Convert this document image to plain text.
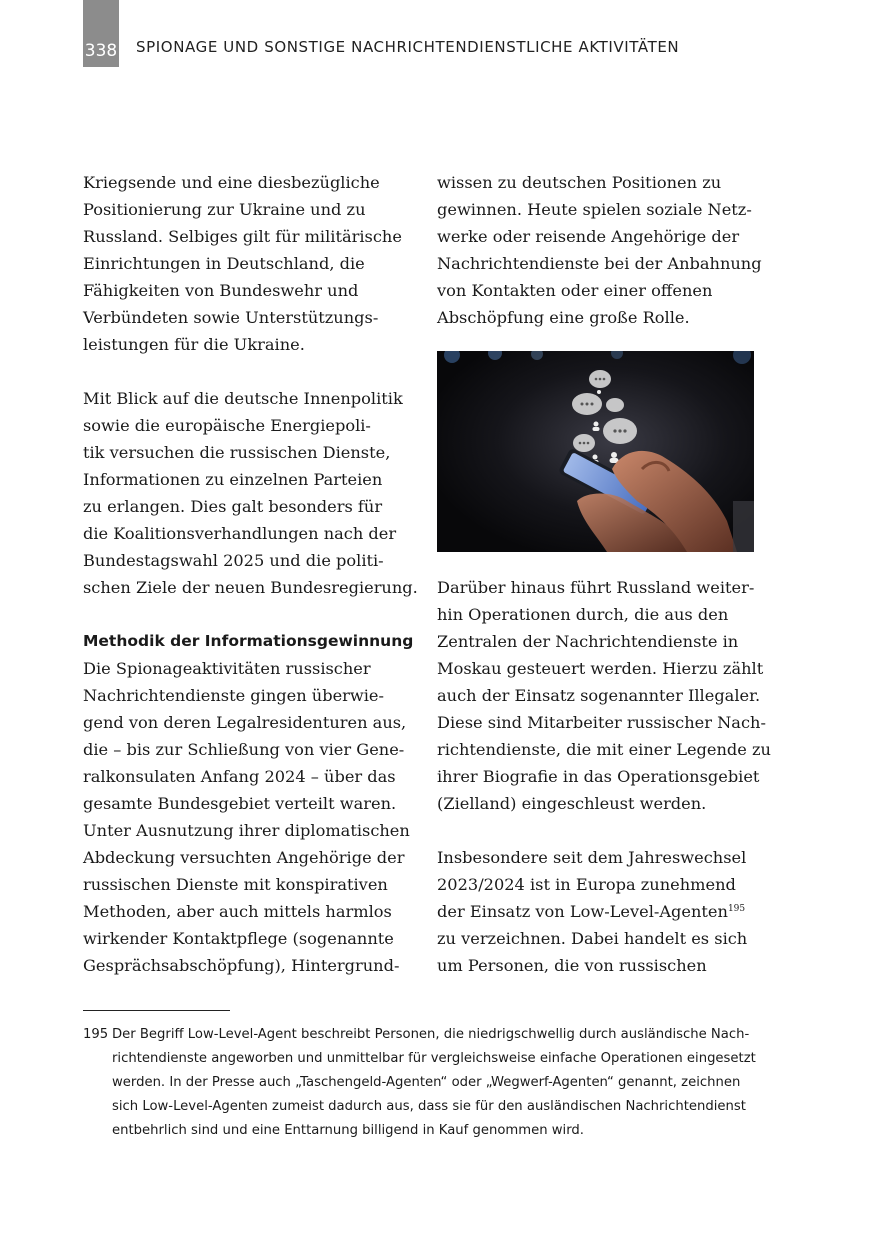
338 SPIONAGE UND SONSTIGE NACHRICHTENDIENSTLICHE AKTIVITÄTEN
Kriegsende und eine diesbezügliche
Positionierung zur Ukraine und zu
Russland. Selbiges gilt für militärische
Einrichtungen in Deutschland, die
Fähigkeiten von Bundeswehr und
Verbündeten sowie Unterstützungs-
leistungen für die Ukraine.
Mit Blick auf die deutsche Innenpolitik
sowie die europäische Energiepoli-
tik versuchen die russischen Dienste,
Informationen zu einzelnen Parteien
zu erlangen. Dies galt besonders für
die Koalitionsverhandlungen nach der
Bundestagswahl 2025 und die politi-
schen Ziele der neuen Bundesregierung.
Methodik der Informationsgewinnung
Die Spionageaktivitäten russischer
Nachrichtendienste gingen überwie-
gend von deren Legalresidenturen aus,
die – bis zur Schließung von vier Gene-
ralkonsulaten Anfang 2024 – über das
gesamte Bundesgebiet verteilt waren.
Unter Ausnutzung ihrer diplomatischen
Abdeckung versuchten Angehörige der
russischen Dienste mit konspirativen
Methoden, aber auch mittels harmlos
wirkender Kontaktpflege (sogenannte
Gesprächsabschöpfung), Hintergrund-
wissen zu deutschen Positionen zu
gewinnen. Heute spielen soziale Netz-
werke oder reisende Angehörige der
Nachrichtendienste bei der Anbahnung
von Kontakten oder einer offenen
Abschöpfung eine große Rolle.
Darüber hinaus führt Russland weiter-
hin Operationen durch, die aus den
Zentralen der Nachrichtendienste in
Moskau gesteuert werden. Hierzu zählt
auch der Einsatz sogenannter Illegaler.
Diese sind Mitarbeiter russischer Nach-
richtendienste, die mit einer Legende zu
ihrer Biografie in das Operationsgebiet
(Zielland) eingeschleust werden.
Insbesondere seit dem Jahreswechsel
2023/2024 ist in Europa zunehmend
der Einsatz von Low-Level-Agenten$^{195}$
zu verzeichnen. Dabei handelt es sich
um Personen, die von russischen
195 Der Begriff Low-Level-Agent beschreibt Personen, die niedrigschwellig durch ausländische Nach-
richtendienste angeworben und unmittelbar für vergleichsweise einfache Operationen eingesetzt
werden. In der Presse auch „Taschengeld-Agenten“ oder „Wegwerf-Agenten“ genannt, zeichnen
sich Low-Level-Agenten zumeist dadurch aus, dass sie für den ausländischen Nachrichtendienst
entbehrlich sind und eine Enttarnung billigend in Kauf genommen wird.
